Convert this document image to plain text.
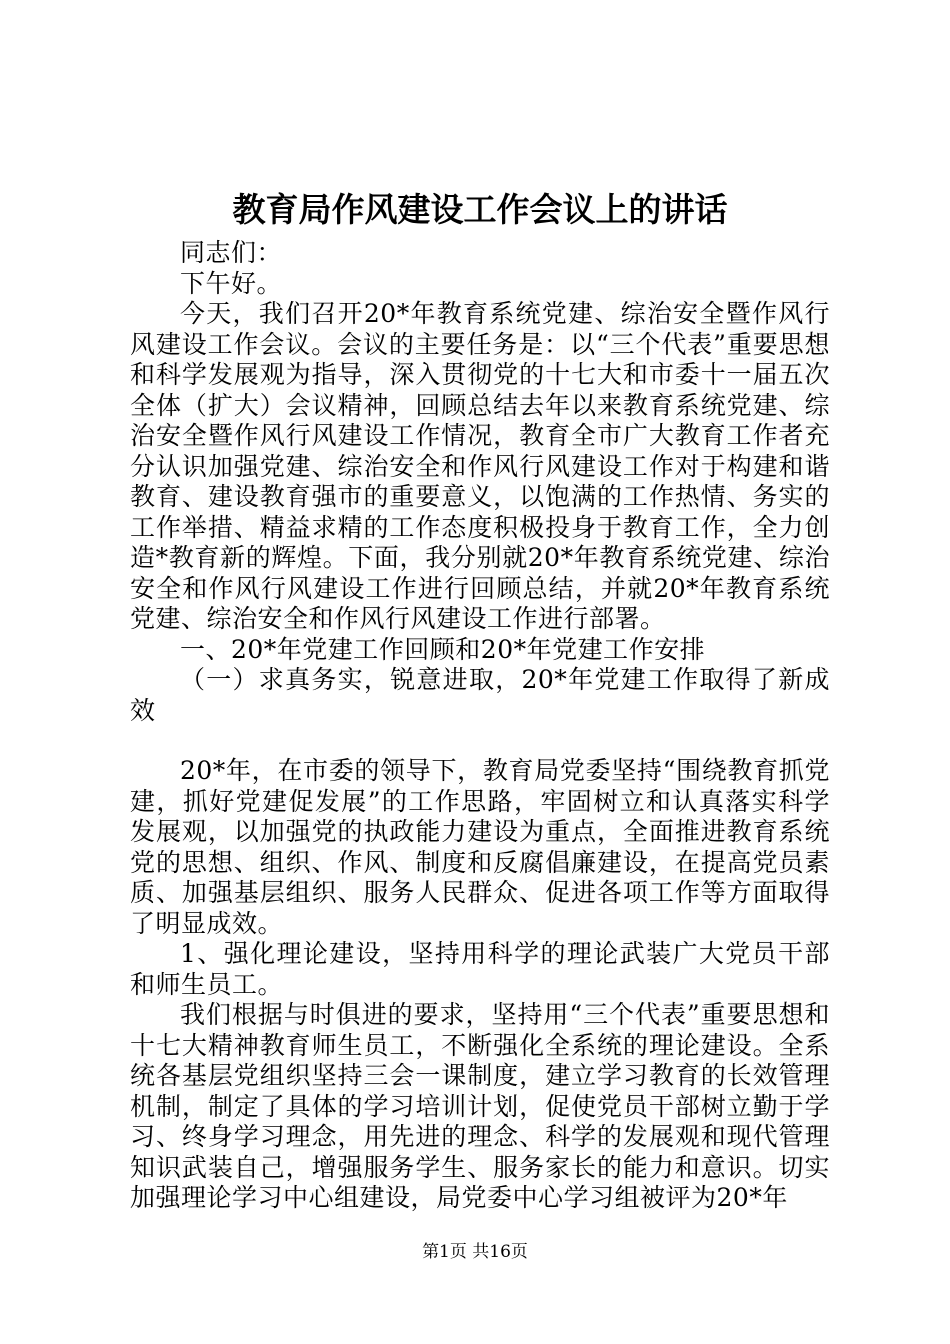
教育局作风建设工作会议上的讲话

同志们：

下午好。

今天，我们召开20*年教育系统党建、综治安全暨作风行风建设工作会议。会议的主要任务是：以“三个代表”重要思想和科学发展观为指导，深入贯彻党的十七大和市委十一届五次全体（扩大）会议精神，回顾总结去年以来教育系统党建、综治安全暨作风行风建设工作情况，教育全市广大教育工作者充分认识加强党建、综治安全和作风行风建设工作对于构建和谐教育、建设教育强市的重要意义，以饱满的工作热情、务实的工作举措、精益求精的工作态度积极投身于教育工作，全力创造*教育新的辉煌。下面，我分别就20*年教育系统党建、综治安全和作风行风建设工作进行回顾总结，并就20*年教育系统党建、综治安全和作风行风建设工作进行部署。

一、20*年党建工作回顾和20*年党建工作安排

（一）求真务实，锐意进取，20*年党建工作取得了新成效

20*年，在市委的领导下，教育局党委坚持“围绕教育抓党建，抓好党建促发展”的工作思路，牢固树立和认真落实科学发展观，以加强党的执政能力建设为重点，全面推进教育系统党的思想、组织、作风、制度和反腐倡廉建设，在提高党员素质、加强基层组织、服务人民群众、促进各项工作等方面取得了明显成效。

1、强化理论建设，坚持用科学的理论武装广大党员干部和师生员工。

我们根据与时俱进的要求，坚持用“三个代表”重要思想和十七大精神教育师生员工，不断强化全系统的理论建设。全系统各基层党组织坚持三会一课制度，建立学习教育的长效管理机制，制定了具体的学习培训计划，促使党员干部树立勤于学习、终身学习理念，用先进的理念、科学的发展观和现代管理知识武装自己，增强服务学生、服务家长的能力和意识。切实加强理论学习中心组建设，局党委中心学习组被评为20*年

第1页 共16页
